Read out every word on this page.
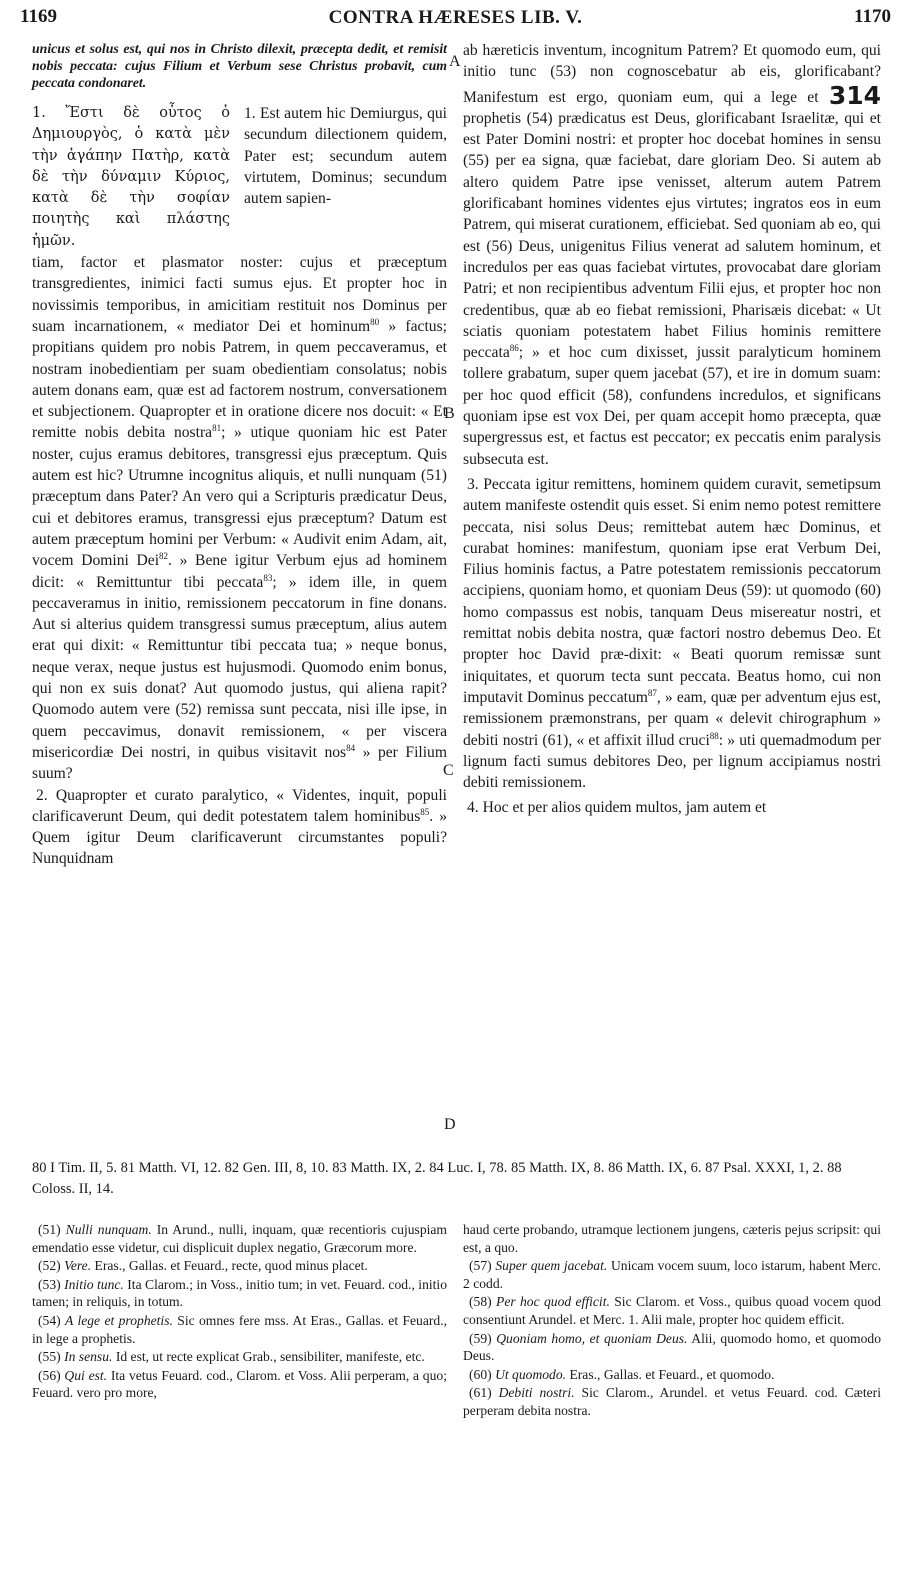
1169	CONTRA HÆRESES LIB. V.	1170
A
B
C
D

unicus et solus est, qui nos in Christo dilexit, præcepta dedit, et remisit nobis peccata: cujus Filium et Verbum sese Christus probavit, cum peccata condonaret.

1. Ἔστι δὲ οὗτος ὁ Δημιουργὸς, ὁ κατὰ μὲν τὴν ἀγάπην Πατὴρ, κατὰ δὲ τὴν δύναμιν Κύριος, κατὰ δὲ τὴν σοφίαν ποιητὴς καὶ πλάστης ἡμῶν.
1. Est autem hic Demiurgus, qui secundum dilectionem quidem, Pater est; secundum autem virtutem, Dominus; secundum autem sapien-

tiam, factor et plasmator noster: cujus et præceptum transgredientes, inimici facti sumus ejus. Et propter hoc in novissimis temporibus, in amicitiam restituit nos Dominus per suam incarnationem, « mediator Dei et hominum$^{80}$ » factus; propitians quidem pro nobis Patrem, in quem peccaveramus, et nostram inobedientiam per suam obedientiam consolatus; nobis autem donans eam, quæ est ad factorem nostrum, conversationem et subjectionem. Quapropter et in oratione dicere nos docuit: « Et remitte nobis debita nostra$^{81}$; » utique quoniam hic est Pater noster, cujus eramus debitores, transgressi ejus præceptum. Quis autem est hic? Utrumne incognitus aliquis, et nulli nunquam (51) præceptum dans Pater? An vero qui a Scripturis prædicatur Deus, cui et debitores eramus, transgressi ejus præceptum? Datum est autem præceptum homini per Verbum: « Audivit enim Adam, ait, vocem Domini Dei$^{82}$. » Bene igitur Verbum ejus ad hominem dicit: « Remittuntur tibi peccata$^{83}$; » idem ille, in quem peccaveramus in initio, remissionem peccatorum in fine donans. Aut si alterius quidem transgressi sumus præceptum, alius autem erat qui dixit: « Remittuntur tibi peccata tua; » neque bonus, neque verax, neque justus est hujusmodi. Quomodo enim bonus, qui non ex suis donat? Aut quomodo justus, qui aliena rapit? Quomodo autem vere (52) remissa sunt peccata, nisi ille ipse, in quem peccavimus, donavit remissionem, « per viscera misericordiæ Dei nostri, in quibus visitavit nos$^{84}$ » per Filium suum?

2. Quapropter et curato paralytico, « Videntes, inquit, populi clarificaverunt Deum, qui dedit potestatem talem hominibus$^{85}$. » Quem igitur Deum clarificaverunt circumstantes populi? Nunquidnam

ab hæreticis inventum, incognitum Patrem? Et quomodo eum, qui initio tunc (53) non cognoscebatur ab eis, glorificabant? Manifestum est ergo, quoniam eum, qui a lege et 314 prophetis (54) prædicatus est Deus, glorificabant Israelitæ, qui et est Pater Domini nostri: et propter hoc docebat homines in sensu (55) per ea signa, quæ faciebat, dare gloriam Deo. Si autem ab altero quidem Patre ipse venisset, alterum autem Patrem glorificabant homines videntes ejus virtutes; ingratos eos in eum Patrem, qui miserat curationem, efficiebat. Sed quoniam ab eo, qui est (56) Deus, unigenitus Filius venerat ad salutem hominum, et incredulos per eas quas faciebat virtutes, provocabat dare gloriam Patri; et non recipientibus adventum Filii ejus, et propter hoc non credentibus, quæ ab eo fiebat remissioni, Pharisæis dicebat: « Ut sciatis quoniam potestatem habet Filius hominis remittere peccata$^{86}$; » et hoc cum dixisset, jussit paralyticum hominem tollere grabatum, super quem jacebat (57), et ire in domum suam: per hoc quod efficit (58), confundens incredulos, et significans quoniam ipse est vox Dei, per quam accepit homo præcepta, quæ supergressus est, et factus est peccator; ex peccatis enim paralysis subsecuta est.

3. Peccata igitur remittens, hominem quidem curavit, semetipsum autem manifeste ostendit quis esset. Si enim nemo potest remittere peccata, nisi solus Deus; remittebat autem hæc Dominus, et curabat homines: manifestum, quoniam ipse erat Verbum Dei, Filius hominis factus, a Patre potestatem remissionis peccatorum accipiens, quoniam homo, et quoniam Deus (59): ut quomodo (60) homo compassus est nobis, tanquam Deus misereatur nostri, et remittat nobis debita nostra, quæ factori nostro debemus Deo. Et propter hoc David præ-dixit: « Beati quorum remissæ sunt iniquitates, et quorum tecta sunt peccata. Beatus homo, cui non imputavit Dominus peccatum$^{87}$, » eam, quæ per adventum ejus est, remissionem præmonstrans, per quam « delevit chirographum » debiti nostri (61), « et affixit illud cruci$^{88}$: » uti quemadmodum per lignum facti sumus debitores Deo, per lignum accipiamus nostri debiti remissionem.

4. Hoc et per alios quidem multos, jam autem et

80 I Tim. II, 5. 81 Matth. VI, 12. 82 Gen. III, 8, 10. 83 Matth. IX, 2. 84 Luc. I, 78. 85 Matth. IX, 8. 86 Matth. IX, 6. 87 Psal. XXXI, 1, 2. 88 Coloss. II, 14.

(51) Nulli nunquam. In Arund., nulli, inquam, quæ recentioris cujuspiam emendatio esse videtur, cui displicuit duplex negatio, Græcorum more.

(52) Vere. Eras., Gallas. et Feuard., recte, quod minus placet.

(53) Initio tunc. Ita Clarom.; in Voss., initio tum; in vet. Feuard. cod., initio tamen; in reliquis, in totum.

(54) A lege et prophetis. Sic omnes fere mss. At Eras., Gallas. et Feuard., in lege a prophetis.

(55) In sensu. Id est, ut recte explicat Grab., sensibiliter, manifeste, etc.

(56) Qui est. Ita vetus Feuard. cod., Clarom. et Voss. Alii perperam, a quo; Feuard. vero pro more,

haud certe probando, utramque lectionem jungens, cæteris pejus scripsit: qui est, a quo.

(57) Super quem jacebat. Unicam vocem suum, loco istarum, habent Merc. 2 codd.

(58) Per hoc quod efficit. Sic Clarom. et Voss., quibus quoad vocem quod consentiunt Arundel. et Merc. 1. Alii male, propter hoc quidem efficit.

(59) Quoniam homo, et quoniam Deus. Alii, quomodo homo, et quomodo Deus.

(60) Ut quomodo. Eras., Gallas. et Feuard., et quomodo.

(61) Debiti nostri. Sic Clarom., Arundel. et vetus Feuard. cod. Cæteri perperam debita nostra.
